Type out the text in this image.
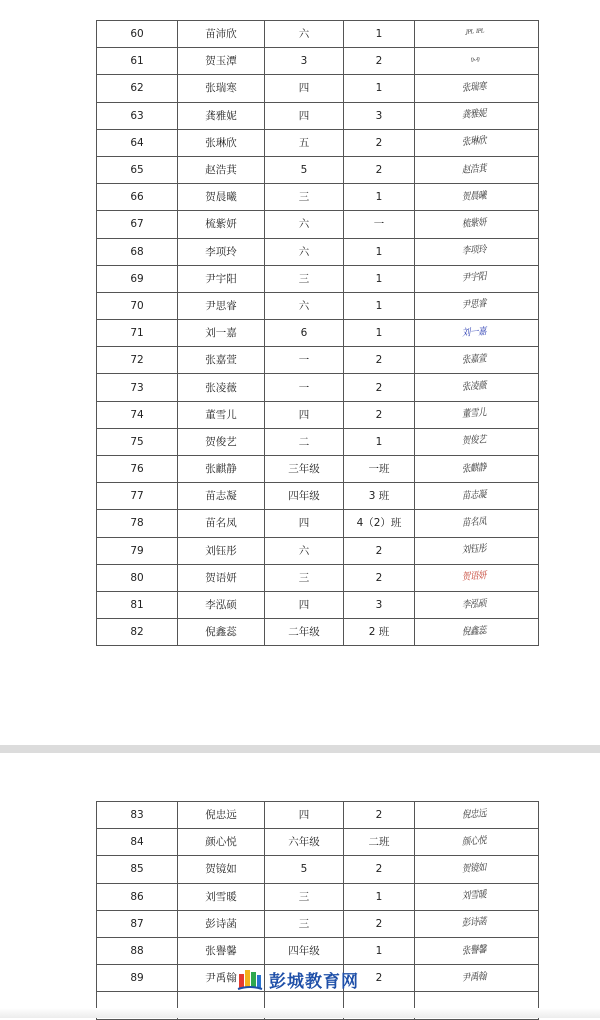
60	苗沛欣	六	1	ᴶᴾᴸ ᴵᴾᴸ
61	贺玉潭	3	2	ᵑᵕᵑ
62	张瑞寒	四	1	张瑞寒
63	龚雅妮	四	3	龚雅妮
64	张琳欣	五	2	张琳欣
65	赵浩萁	5	2	赵浩萁
66	贺晨曦	三	1	贺晨曦
67	梳紫妍	六	一	梳紫妍
68	李项玲	六	1	李项玲
69	尹宇阳	三	1	尹宇阳
70	尹思睿	六	1	尹思睿
71	刘一嘉	6	1	刘一嘉
72	张嘉萱	一	2	张嘉萱
73	张凌薇	一	2	张凌薇
74	董雪儿	四	2	董雪儿
75	贺俊艺	二	1	贺俊艺
76	张麒静	三年级	一班	张麒静
77	苗志凝	四年级	3 班	苗志凝
78	苗名凤	四	4（2）班	苗名凤
79	刘钰彤	六	2	刘钰彤
80	贺语妍	三	2	贺语妍
81	李泓硕	四	3	李泓硕
82	倪鑫蕊	二年级	2 班	倪鑫蕊
83	倪忠远	四	2	倪忠远
84	颜心悦	六年级	二班	颜心悦
85	贺镜如	5	2	贺镜如
86	刘雪暖	三	1	刘雪暖
87	彭诗菡	三	2	彭诗菡
88	张譽馨	四年级	1	张譽馨
89	尹禹翰		2	尹禹翰

彭城教育网
